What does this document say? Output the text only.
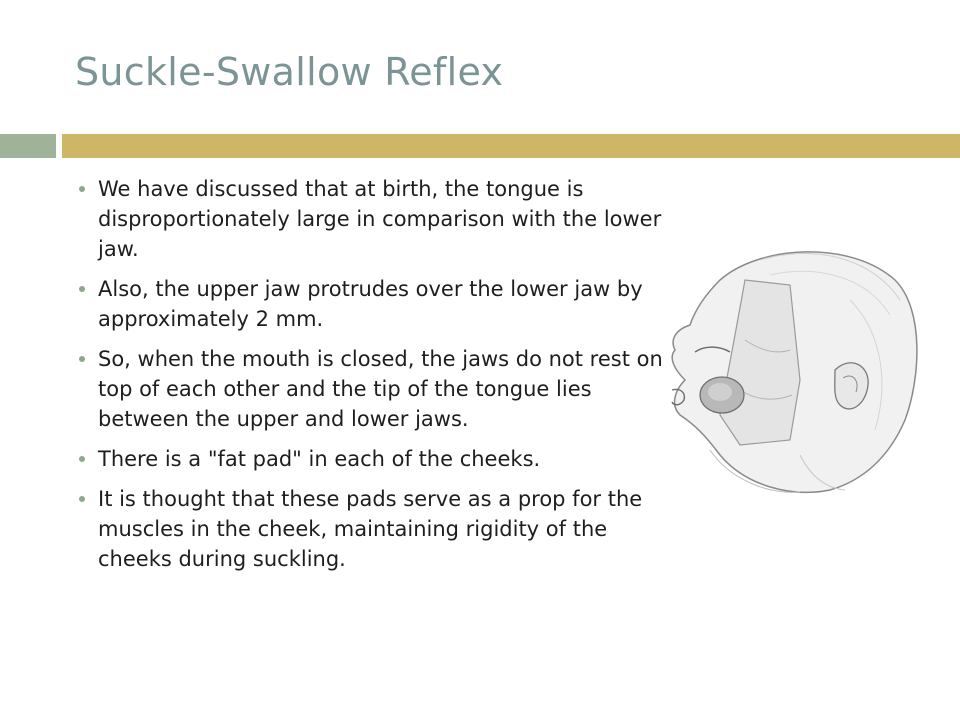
Suckle-Swallow Reflex
We have discussed that at birth, the tongue is disproportionately large in comparison with the lower jaw.
Also, the upper jaw protrudes over the lower jaw by approximately 2 mm.
So, when the mouth is closed, the jaws do not rest on top of each other and the tip of the tongue lies between the upper and lower jaws.
There is a "fat pad" in each of the cheeks.
It is thought that these pads serve as a prop for the muscles in the cheek, maintaining rigidity of the cheeks during suckling.
